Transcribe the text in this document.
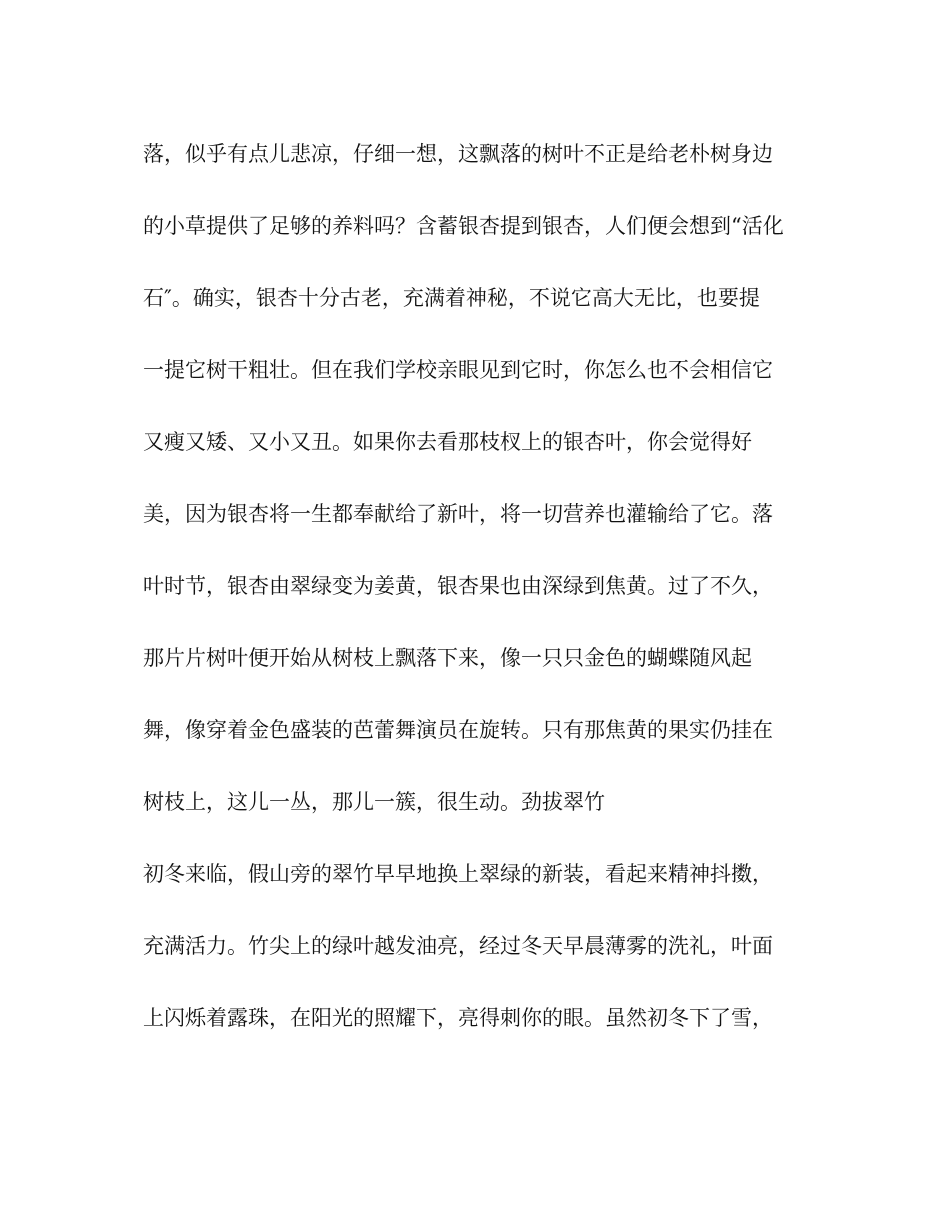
落，似乎有点儿悲凉，仔细一想，这飘落的树叶不正是给老朴树身边
的小草提供了足够的养料吗？含蓄银杏提到银杏，人们便会想到“活化
石″。确实，银杏十分古老，充满着神秘，不说它高大无比，也要提
一提它树干粗壮。但在我们学校亲眼见到它时，你怎么也不会相信它
又瘦又矮、又小又丑。如果你去看那枝杈上的银杏叶，你会觉得好
美，因为银杏将一生都奉献给了新叶，将一切营养也灌输给了它。落
叶时节，银杏由翠绿变为姜黄，银杏果也由深绿到焦黄。过了不久，
那片片树叶便开始从树枝上飘落下来，像一只只金色的蝴蝶随风起
舞，像穿着金色盛装的芭蕾舞演员在旋转。只有那焦黄的果实仍挂在
树枝上，这儿一丛，那儿一簇，很生动。劲拔翠竹
初冬来临，假山旁的翠竹早早地换上翠绿的新装，看起来精神抖擞，
充满活力。竹尖上的绿叶越发油亮，经过冬天早晨薄雾的洗礼，叶面
上闪烁着露珠，在阳光的照耀下，亮得刺你的眼。虽然初冬下了雪，
